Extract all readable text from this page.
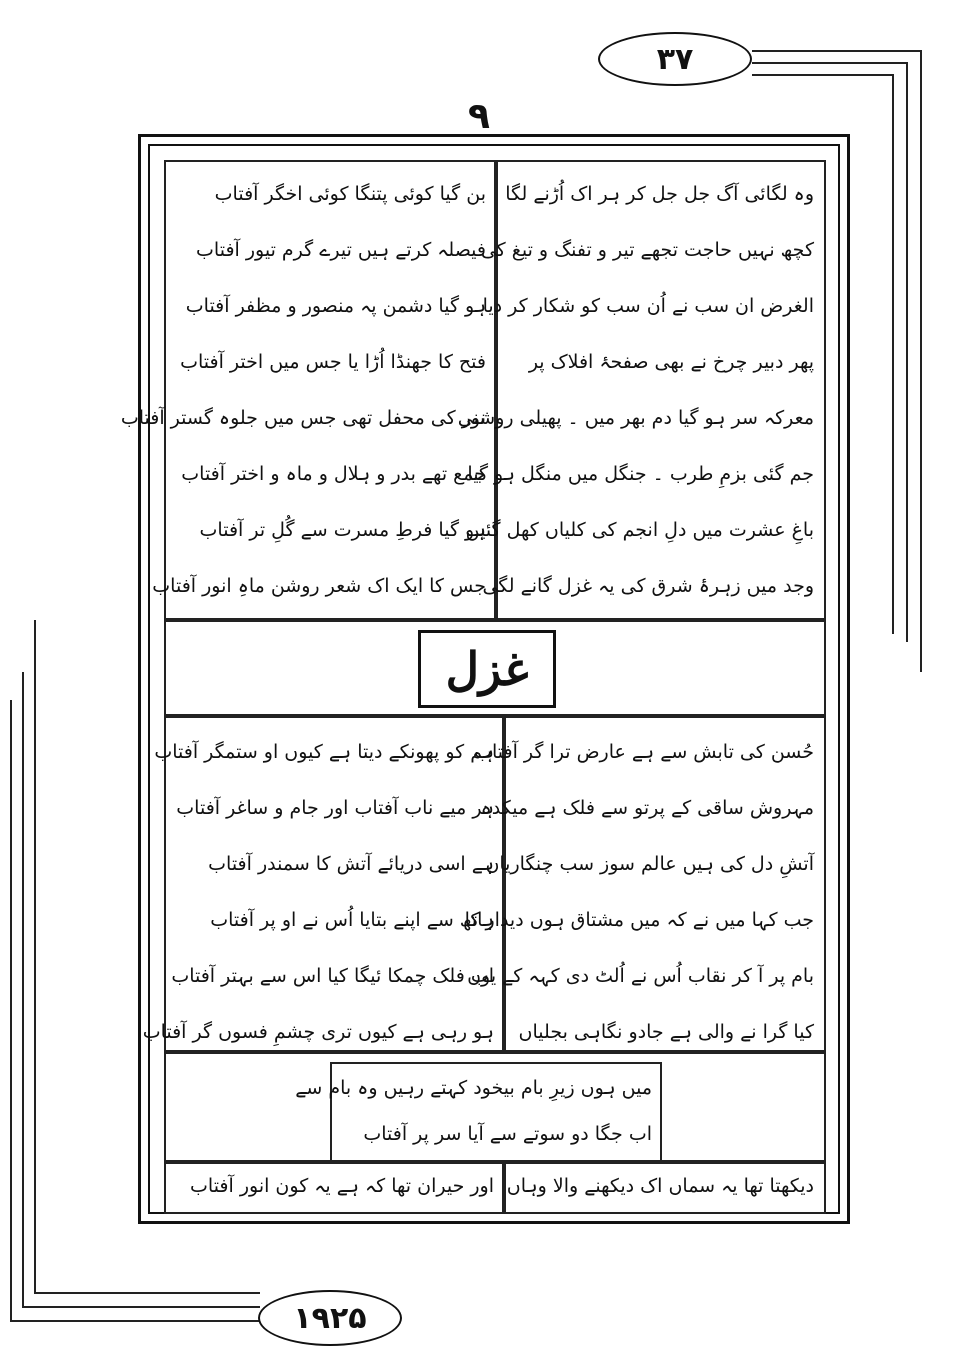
۳۷
۱۹۲۵
۹
وہ لگائی آگ جل جل کر ہر اک اُڑنے لگا
کچھ نہیں حاجت تجھے تیر و تفنگ و تیغ کی
الغرض ان سب نے اُن سب کو شکار کر دیا
پھر دبیر چرخ نے بھی صفحۂ افلاک پر
معرکہ سر ہو گیا دم بھر میں ۔ پھیلی روشنی
جم گئی بزمِ طرب ۔ جنگل میں منگل ہو گیا
باغِ عشرت میں دلِ انجم کی کلیاں کھل گئیں
وجد میں زہرۂ شرق کی یہ غزل گانے لگی
بن گیا کوئی پتنگا کوئی اخگر آفتاب
فیصلہ کرتے ہیں تیرے گرم تیور آفتاب
ہو گیا دشمن پہ منصور و مظفر آفتاب
فتح کا جھنڈا اُڑا یا جس میں اختر آفتاب
نور کی محفل تھی جس میں جلوہ گستر آفتاب
جمع تھے بدر و ہلال و ماہ و اختر آفتاب
ہو گیا فرطِ مسرت سے گُلِ تر آفتاب
جس کا ایک اک شعر روشن ماہِ انور آفتاب
غزل
حُسن کی تابش سے ہے عارض ترا گر آفتاب
مہروش ساقی کے پرتو سے فلک ہے میکدہ
آتشِ دل کی ہیں عالم سوز سب چنگاریاں
جب کہا میں نے کہ میں مشتاق ہوں دیدار کا
بام پر آ کر نقاب اُس نے اُلٹ دی کہہ کے یوں
کیا گرا نے والی ہے جادو نگاہی بجلیاں
ہم کو پھونکے دیتا ہے کیوں او ستمگر آفتاب
ہر میے ناب آفتاب اور جام و ساغر آفتاب
ہے اسی دریائے آتش کا سمندر آفتاب
ہاتھ سے اپنے بتایا اُس نے او پر آفتاب
اب فلک چمکا ئیگا کیا اس سے بہتر آفتاب
ہو رہی ہے کیوں تری چشمِ فسوں گر آفتاب
میں ہوں زیرِ بام بیخود کہتے رہیں وہ بام سے
اب جگا دو سوتے سے آیا سر پر آفتاب
دیکھتا تھا یہ سماں اک دیکھنے والا وہاں
اور حیران تھا کہ ہے یہ کون انور آفتاب
